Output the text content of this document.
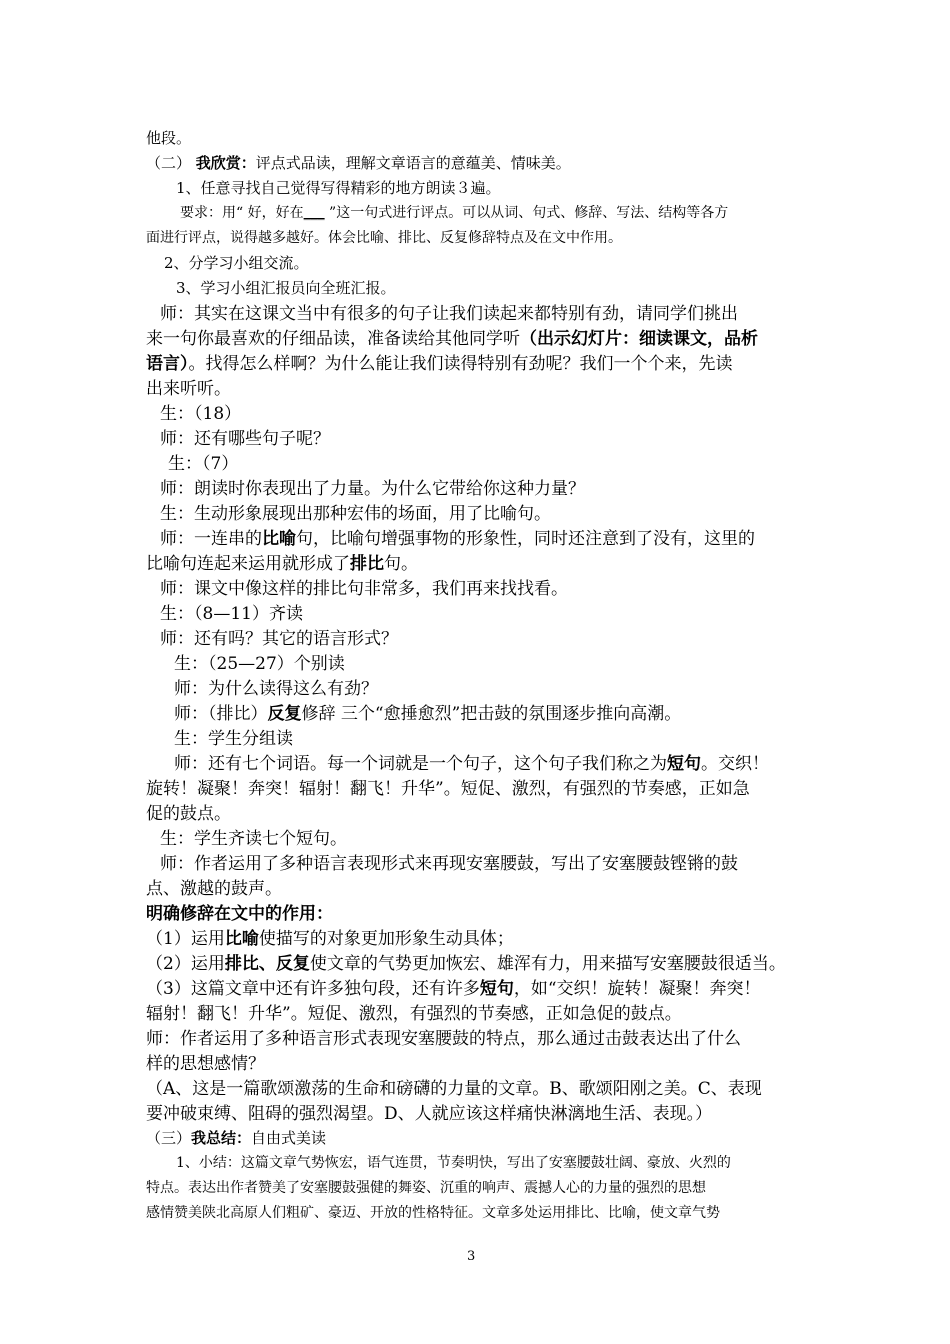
他段。
（二） 我欣赏：评点式品读，理解文章语言的意蕴美、情味美。
1、任意寻找自己觉得写得精彩的地方朗读３遍。
要求：用“ 好，好在___ ”这一句式进行评点。可以从词、句式、修辞、写法、结构等各方
面进行评点，说得越多越好。体会比喻、排比、反复修辞特点及在文中作用。
2、分学习小组交流。
3、学习小组汇报员向全班汇报。
师：其实在这课文当中有很多的句子让我们读起来都特别有劲，请同学们挑出
来一句你最喜欢的仔细品读，准备读给其他同学听（出示幻灯片：细读课文，品析
语言）。找得怎么样啊？为什么能让我们读得特别有劲呢？我们一个个来，先读
出来听听。
生：（18）
师：还有哪些句子呢？
生：（7）
师：朗读时你表现出了力量。为什么它带给你这种力量？
生：生动形象展现出那种宏伟的场面，用了比喻句。
师：一连串的比喻句，比喻句增强事物的形象性，同时还注意到了没有，这里的
比喻句连起来运用就形成了排比句。
师：课文中像这样的排比句非常多，我们再来找找看。
生：（8—11）齐读
师：还有吗？其它的语言形式？
生：（25—27）个别读
师：为什么读得这么有劲？
师：（排比）反复修辞 三个“愈捶愈烈”把击鼓的氛围逐步推向高潮。
生：学生分组读
师：还有七个词语。每一个词就是一个句子，这个句子我们称之为短句。交织！
旋转！凝聚！奔突！辐射！翻飞！升华”。短促、激烈，有强烈的节奏感，正如急
促的鼓点。
生：学生齐读七个短句。
师：作者运用了多种语言表现形式来再现安塞腰鼓，写出了安塞腰鼓铿锵的鼓
点、激越的鼓声。
明确修辞在文中的作用：
（1）运用比喻使描写的对象更加形象生动具体；
（2）运用排比、反复使文章的气势更加恢宏、雄浑有力，用来描写安塞腰鼓很适当。
（3）这篇文章中还有许多独句段，还有许多短句，如“交织！旋转！凝聚！奔突！
辐射！翻飞！升华”。短促、激烈，有强烈的节奏感，正如急促的鼓点。
师：作者运用了多种语言形式表现安塞腰鼓的特点，那么通过击鼓表达出了什么
样的思想感情？
（A、这是一篇歌颂激荡的生命和磅礴的力量的文章。B、歌颂阳刚之美。C、表现
要冲破束缚、阻碍的强烈渴望。D、人就应该这样痛快淋漓地生活、表现。）
（三）我总结：自由式美读
1、小结：这篇文章气势恢宏，语气连贯，节奏明快，写出了安塞腰鼓壮阔、豪放、火烈的
特点。表达出作者赞美了安塞腰鼓强健的舞姿、沉重的响声、震撼人心的力量的强烈的思想
感情赞美陕北高原人们粗矿、豪迈、开放的性格特征。文章多处运用排比、比喻，使文章气势
3
